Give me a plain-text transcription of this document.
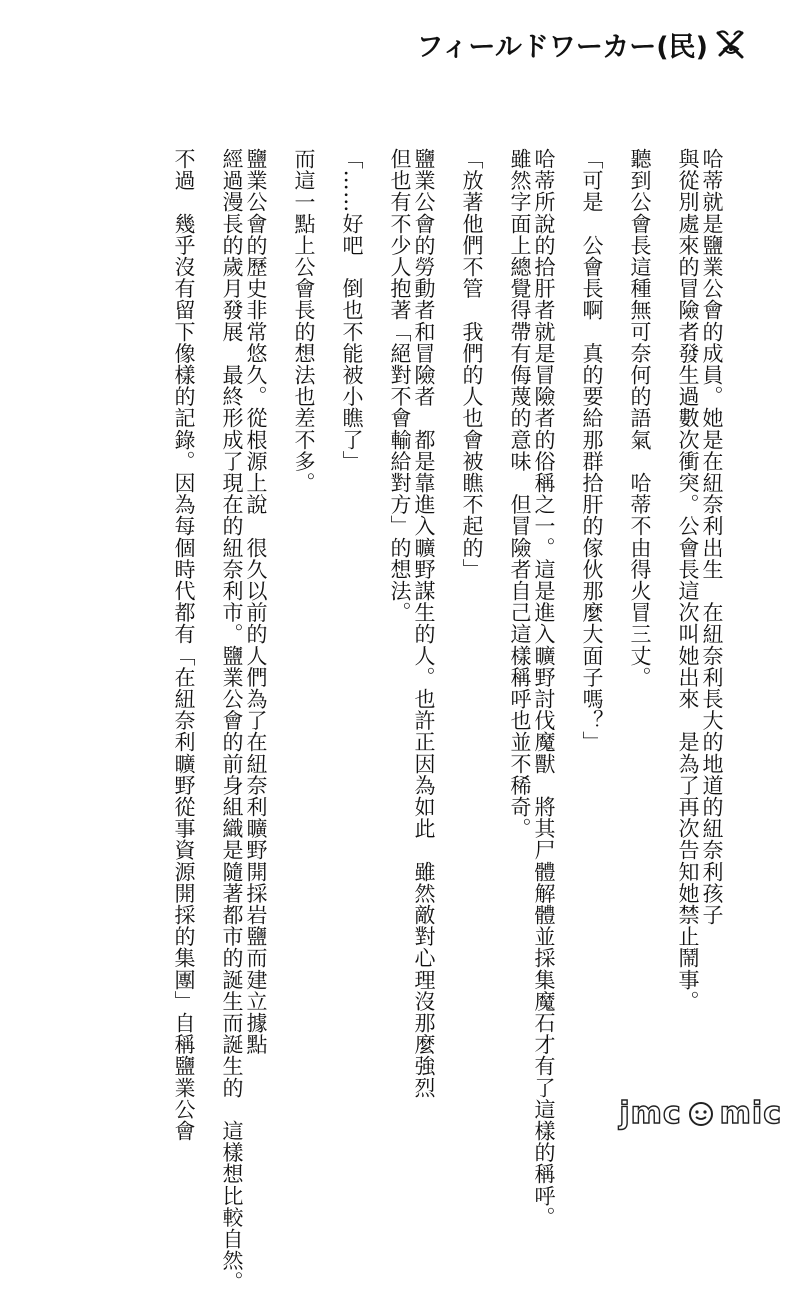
フィールドワーカー(民)
哈蒂就是鹽業公會的成員。她是在紐奈利出生　在紐奈利長大的地道的紐奈利孩子
與從別處來的冒險者發生過數次衝突。公會長這次叫她出來　是為了再次告知她禁止鬧事。
聽到公會長這種無可奈何的語氣　哈蒂不由得火冒三丈。
「可是　公會長啊　真的要給那群拾肝的傢伙那麼大面子嗎？」
哈蒂所說的拾肝者就是冒險者的俗稱之一。這是進入曠野討伐魔獸　將其尸體解體並採集魔石才有了這樣的稱呼。
雖然字面上總覺得帶有侮蔑的意味　但冒險者自己這樣稱呼也並不稀奇。
「放著他們不管　我們的人也會被瞧不起的」
鹽業公會的勞動者和冒險者　都是靠進入曠野謀生的人。也許正因為如此　雖然敵對心理沒那麼強烈
但也有不少人抱著「絕對不會輸給對方」的想法。
「……好吧　倒也不能被小瞧了」
而這一點上公會長的想法也差不多。
鹽業公會的歷史非常悠久。從根源上說　很久以前的人們為了在紐奈利曠野開採岩鹽而建立據點
經過漫長的歲月發展　最終形成了現在的紐奈利市。鹽業公會的前身組織是隨著都市的誕生而誕生的　這樣想比較自然。
不過　幾乎沒有留下像樣的記錄。因為每個時代都有「在紐奈利曠野從事資源開採的集團」自稱鹽業公會	jmc mic
